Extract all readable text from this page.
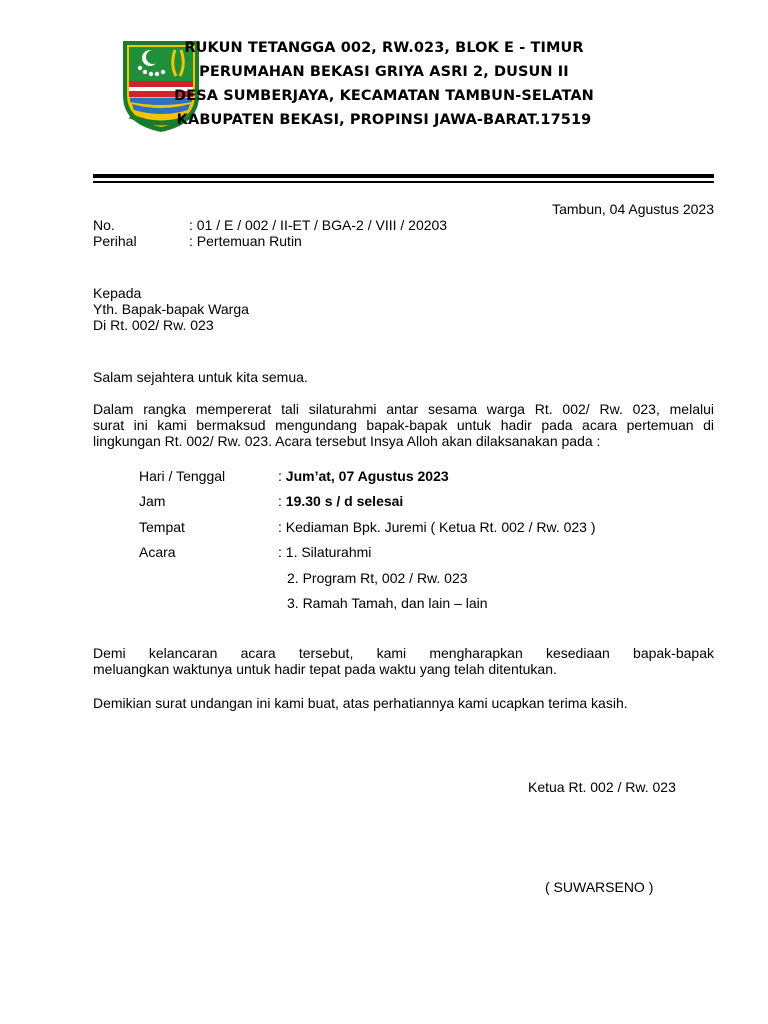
RUKUN TETANGGA 002, RW.023, BLOK E - TIMUR
PERUMAHAN BEKASI GRIYA ASRI 2, DUSUN II
DESA SUMBERJAYA, KECAMATAN TAMBUN-SELATAN
KABUPATEN BEKASI, PROPINSI JAWA-BARAT.17519
Tambun, 04 Agustus 2023
No.	: 01 / E / 002 / II-ET / BGA-2 / VIII / 20203
Perihal	: Pertemuan Rutin
Kepada
Yth. Bapak-bapak Warga
Di Rt. 002/ Rw. 023
Salam sejahtera untuk kita semua.
Dalam rangka mempererat tali silaturahmi antar sesama warga Rt. 002/ Rw. 023, melalui
surat ini kami bermaksud mengundang bapak-bapak untuk hadir pada acara pertemuan di
lingkungan Rt. 002/ Rw. 023. Acara tersebut Insya Alloh akan dilaksanakan pada :
Hari / Tenggal	: Jum’at, 07 Agustus 2023
Jam	: 19.30 s / d selesai
Tempat	: Kediaman Bpk. Juremi ( Ketua Rt. 002 / Rw. 023 )
Acara	: 1. Silaturahmi
2. Program Rt, 002 / Rw. 023
3. Ramah Tamah, dan lain – lain
Demi kelancaran acara tersebut, kami mengharapkan kesediaan bapak-bapak
meluangkan waktunya untuk hadir tepat pada waktu yang telah ditentukan.
Demikian surat undangan ini kami buat, atas perhatiannya kami ucapkan terima kasih.
Ketua Rt. 002 / Rw. 023
( SUWARSENO )
